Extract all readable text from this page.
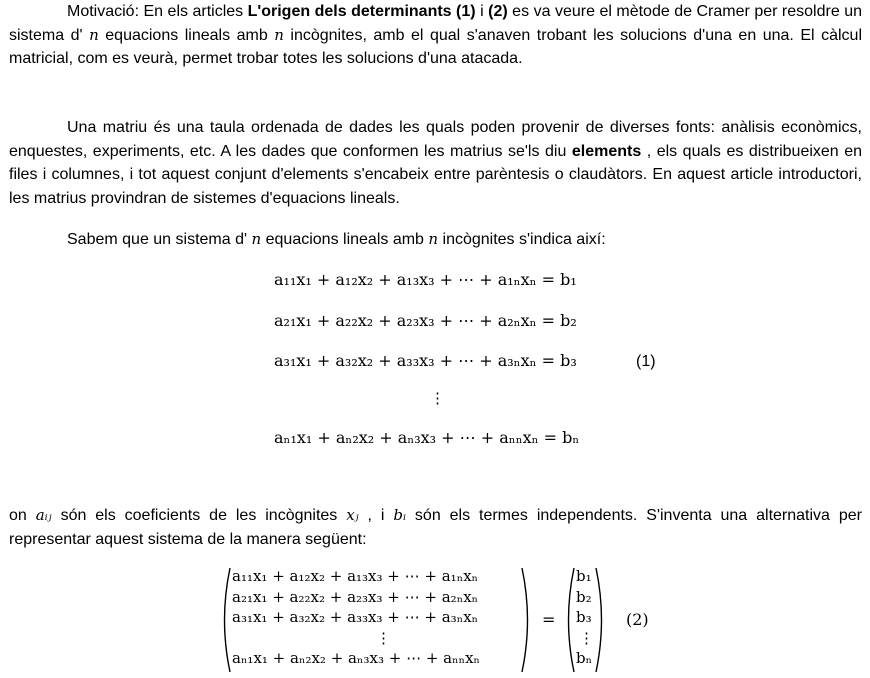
Motivació: En els articles L'origen dels determinants (1) i (2) es va veure el mètode de Cramer per resoldre un sistema d' n equacions lineals amb n incògnites, amb el qual s'anaven trobant les solucions d'una en una. El càlcul matricial, com es veurà, permet trobar totes les solucions d'una atacada.

Una matriu és una taula ordenada de dades les quals poden provenir de diverses fonts: anàlisis econòmics, enquestes, experiments, etc. A les dades que conformen les matrius se'ls diu elements , els quals es distribueixen en files i columnes, i tot aquest conjunt d'elements s'encabeix entre parèntesis o claudàtors. En aquest article introductori, les matrius provindran de sistemes d'equacions lineals.

Sabem que un sistema d' n equacions lineals amb n incògnites s'indica així:

a₁₁x₁ + a₁₂x₂ + a₁₃x₃ + ⋯ + a₁ₙxₙ = b₁
a₂₁x₁ + a₂₂x₂ + a₂₃x₃ + ⋯ + a₂ₙxₙ = b₂
a₃₁x₁ + a₃₂x₂ + a₃₃x₃ + ⋯ + a₃ₙxₙ = b₃	(1)
⋮
aₙ₁x₁ + aₙ₂x₂ + aₙ₃x₃ + ⋯ + aₙₙxₙ = bₙ

on aᵢⱼ són els coeficients de les incògnites xⱼ , i bᵢ són els termes independents. S'inventa una alternativa per representar aquest sistema de la manera següent:

a₁₁x₁ + a₁₂x₂ + a₁₃x₃ + ⋯ + a₁ₙxₙ
a₂₁x₁ + a₂₂x₂ + a₂₃x₃ + ⋯ + a₂ₙxₙ
a₃₁x₁ + a₃₂x₂ + a₃₃x₃ + ⋯ + a₃ₙxₙ
⋮
aₙ₁x₁ + aₙ₂x₂ + aₙ₃x₃ + ⋯ + aₙₙxₙ
=
b₁
b₂
b₃
⋮
bₙ
(2)
